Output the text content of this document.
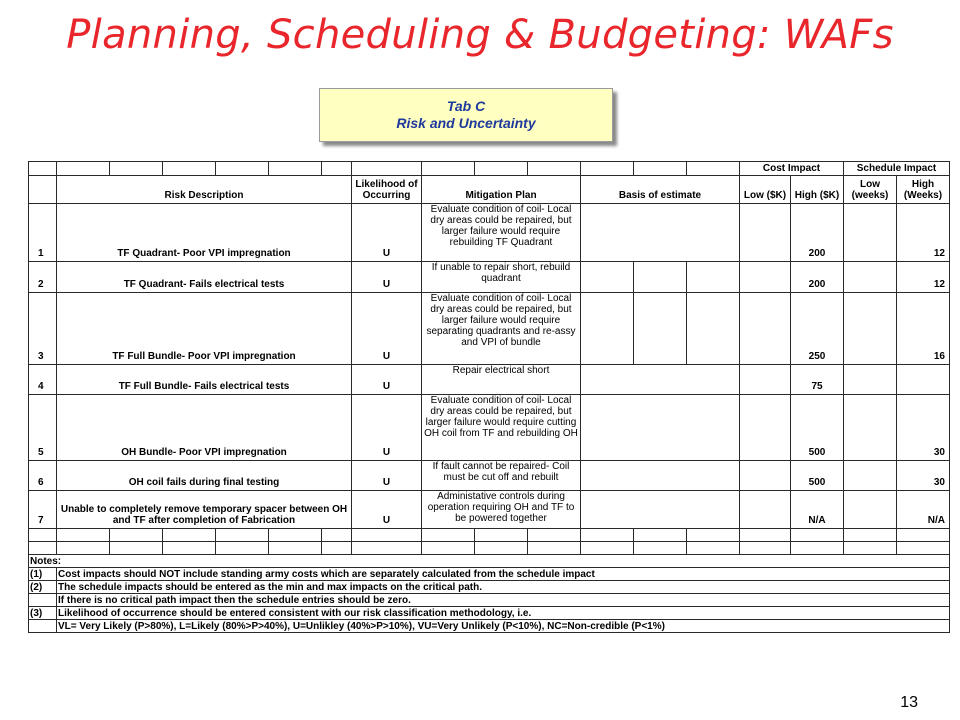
Planning, Scheduling & Budgeting: WAFs
Tab C
Risk and Uncertainty
														Cost Impact		Schedule Impact	
	Risk Description						Likelihood of Occurring	Mitigation Plan			Basis of estimate			Low ($K)	High ($K)	Low (weeks)	High (Weeks)
1	TF Quadrant- Poor VPI impregnation						U	Evaluate condition of coil- Local dry areas could be repaired, but larger failure would require rebuilding TF Quadrant							200		12
2	TF Quadrant- Fails electrical tests						U	If unable to repair short, rebuild quadrant							200		12
3	TF Full Bundle- Poor VPI impregnation						U	Evaluate condition of coil- Local dry areas could be repaired, but larger failure would require separating quadrants and re-assy and VPI of bundle							250		16
4	TF Full Bundle- Fails electrical tests						U	Repair electrical short							75		
5	OH Bundle- Poor VPI impregnation						U	Evaluate condition of coil- Local dry areas could be repaired, but larger failure would require cutting OH coil from TF and rebuilding OH							500		30
6	OH coil fails during final testing						U	If fault cannot be repaired- Coil must be cut off and rebuilt							500		30
7	Unable to completely remove temporary spacer between OH and TF after completion of Fabrication						U	Administative controls during operation requiring OH and TF to be powered together							N/A		N/A

Notes:																	
(1)	Cost impacts should NOT include standing army costs which are separately calculated from the schedule impact																
(2)	The schedule impacts should be entered as the min and max impacts on the critical path.																
	If there is no critical path impact then the schedule entries should be zero.																
(3)	Likelihood of occurrence should be entered consistent with our risk classification methodology, i.e.																
	VL= Very Likely (P>80%), L=Likely (80%>P>40%), U=Unlikley (40%>P>10%), VU=Very Unlikely (P<10%), NC=Non-credible (P<1%)																
13
